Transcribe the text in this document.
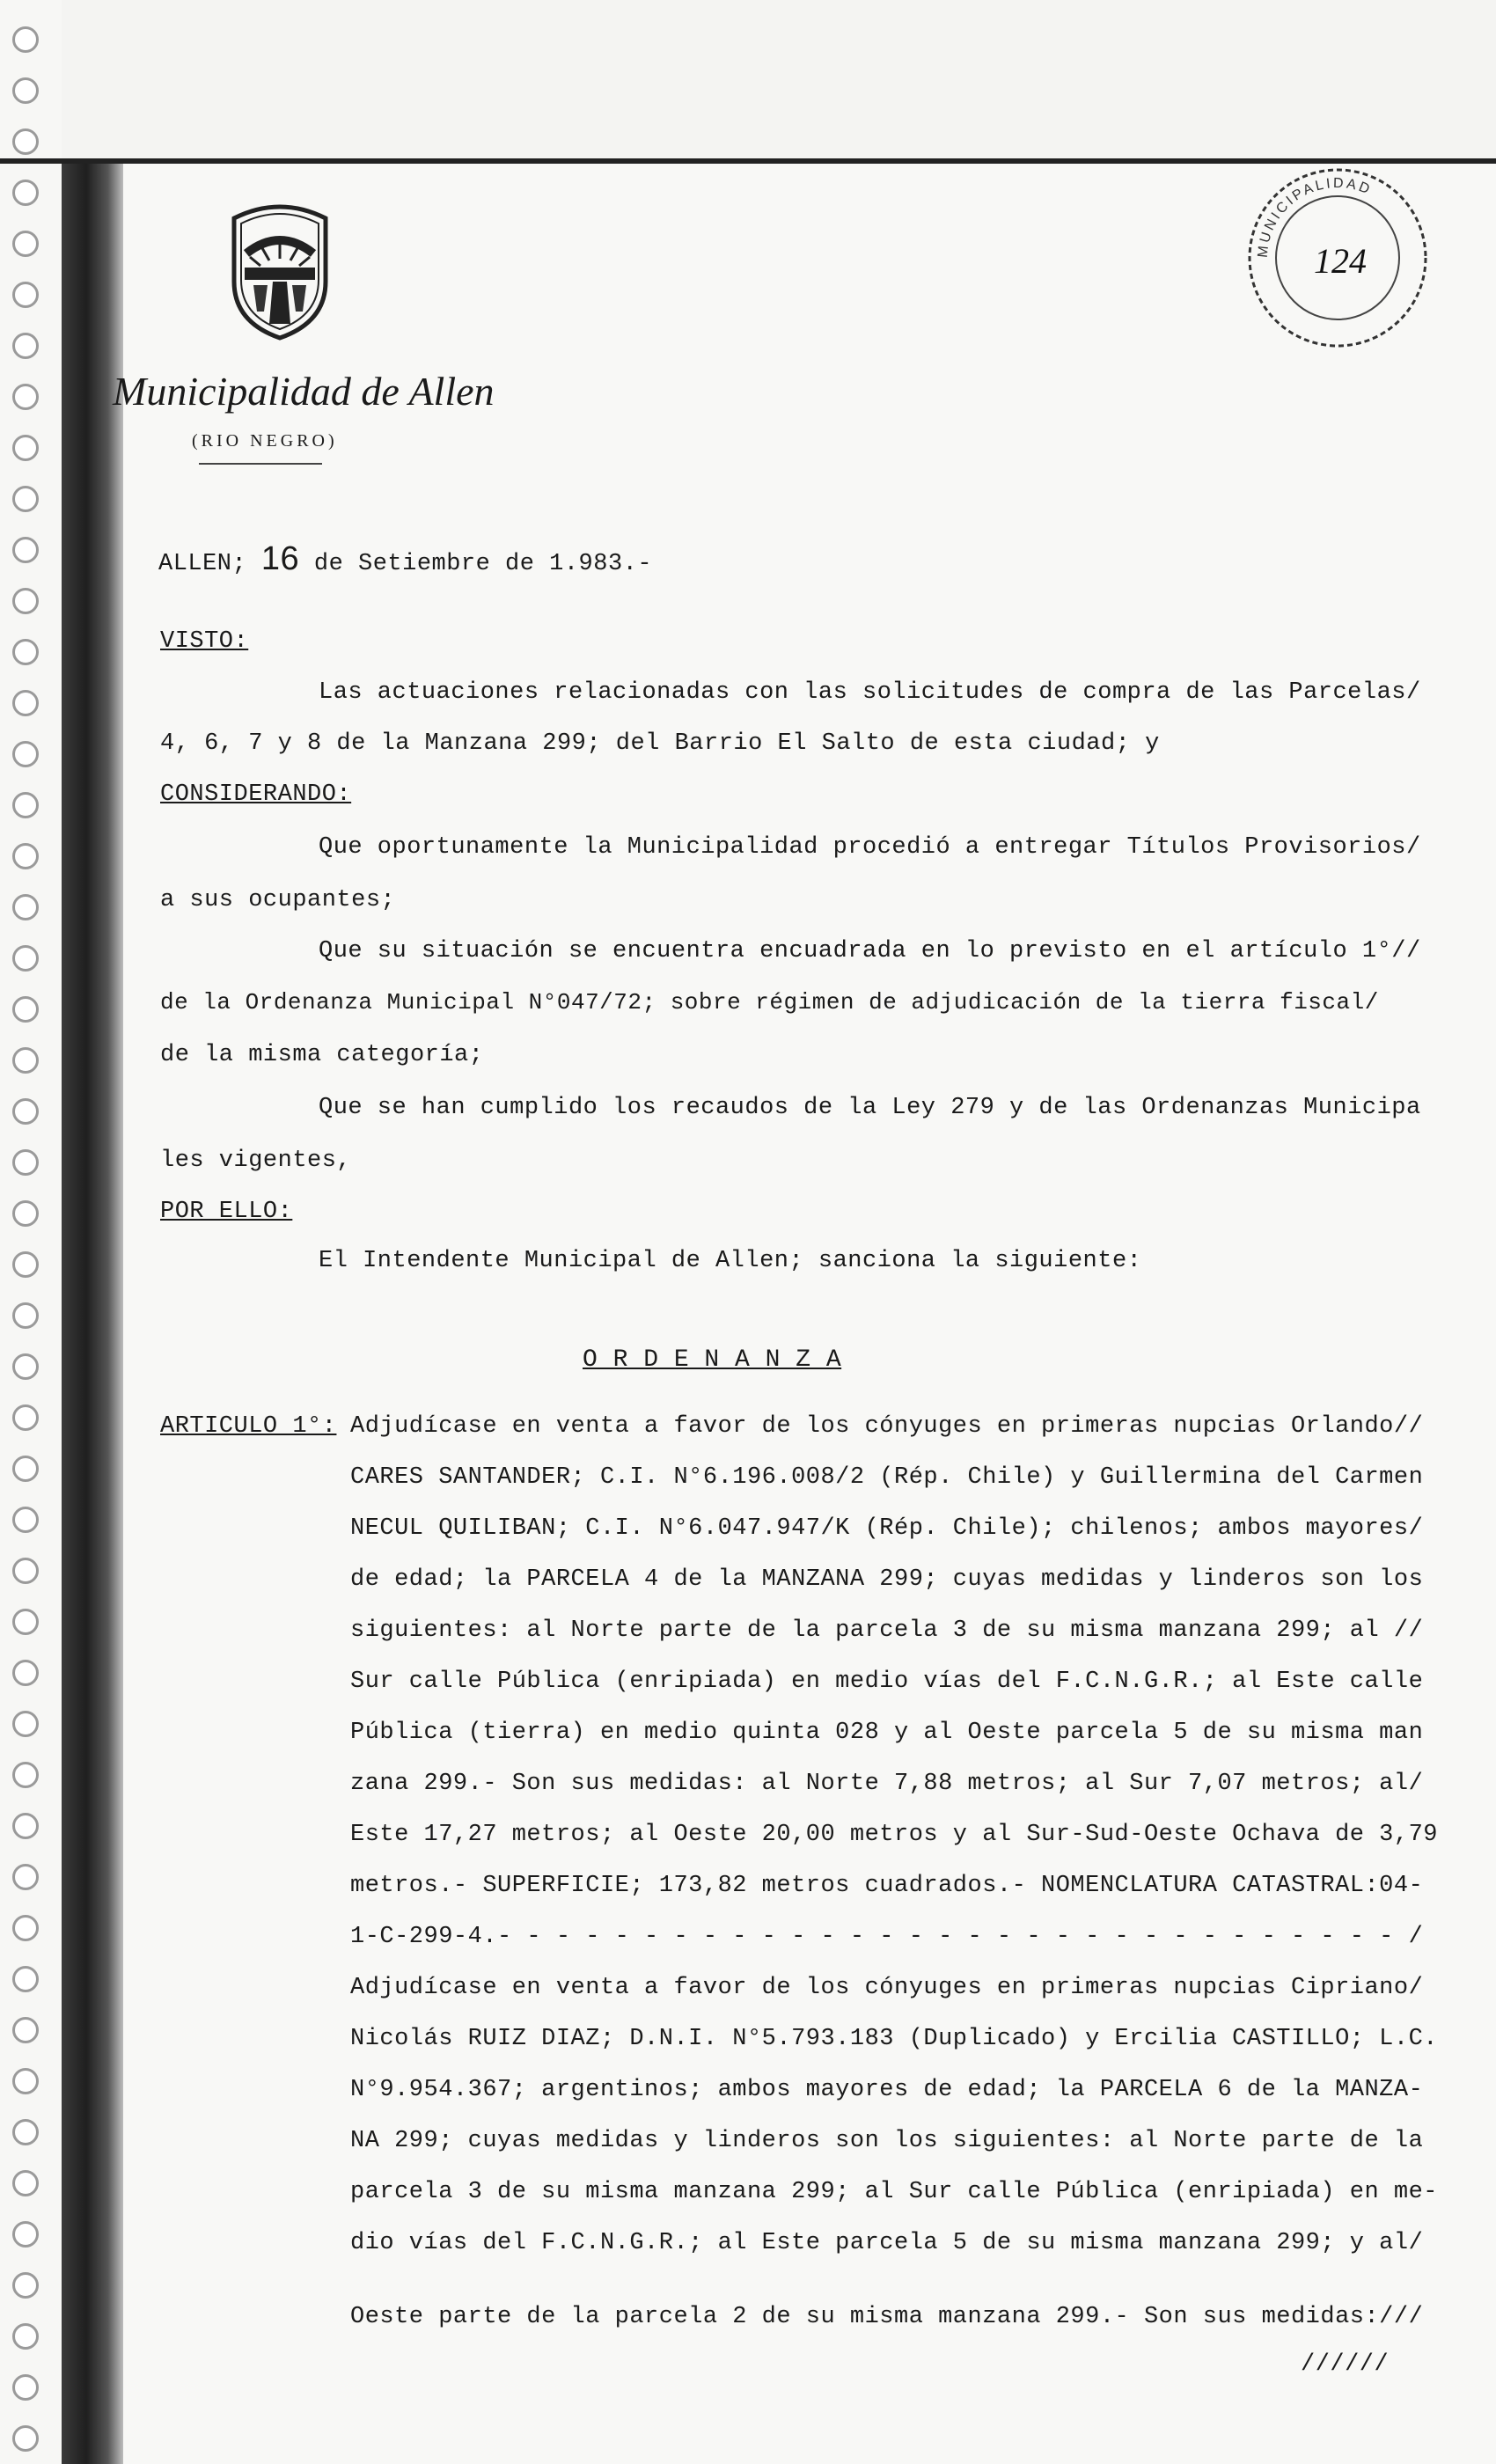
Municipalidad de Allen
(RIO NEGRO)
MUNICIPALIDAD
124
ALLEN; 16 de Setiembre de 1.983.-
VISTO:
Las actuaciones relacionadas con las solicitudes de compra de las Parcelas/
4, 6, 7 y 8 de la Manzana 299; del Barrio El Salto de esta ciudad; y
CONSIDERANDO:
Que oportunamente la Municipalidad procedió a entregar Títulos Provisorios/
a sus ocupantes;
Que su situación se encuentra encuadrada en lo previsto en el artículo 1°//
de la Ordenanza Municipal N°047/72; sobre régimen de adjudicación de la tierra fiscal/
de la misma categoría;
Que se han cumplido los recaudos de la Ley 279 y de las Ordenanzas Municipa
les vigentes,
POR ELLO:
El Intendente Municipal de Allen; sanciona la siguiente:
O R D E N A N Z A
ARTICULO 1°: Adjudícase en venta a favor de los cónyuges en primeras nupcias Orlando//
CARES SANTANDER; C.I. N°6.196.008/2 (Rép. Chile) y Guillermina del Carmen
NECUL QUILIBAN; C.I. N°6.047.947/K (Rép. Chile); chilenos; ambos mayores/
de edad; la PARCELA 4 de la MANZANA 299; cuyas medidas y linderos son los
siguientes: al Norte parte de la parcela 3 de su misma manzana 299; al //
Sur calle Pública (enripiada) en medio vías del F.C.N.G.R.; al Este calle
Pública (tierra) en medio quinta 028 y al Oeste parcela 5 de su misma man
zana 299.- Son sus medidas: al Norte 7,88 metros; al Sur 7,07 metros; al/
Este 17,27 metros; al Oeste 20,00 metros y al Sur-Sud-Oeste Ochava de 3,79
metros.- SUPERFICIE; 173,82 metros cuadrados.- NOMENCLATURA CATASTRAL:04-
1-C-299-4.- - - - - - - - - - - - - - - - - - - - - - - - - - - - - - - /
Adjudícase en venta a favor de los cónyuges en primeras nupcias Cipriano/
Nicolás RUIZ DIAZ; D.N.I. N°5.793.183 (Duplicado) y Ercilia CASTILLO; L.C.
N°9.954.367; argentinos; ambos mayores de edad; la PARCELA 6 de la MANZA-
NA 299; cuyas medidas y linderos son los siguientes: al Norte parte de la
parcela 3 de su misma manzana 299; al Sur calle Pública (enripiada) en me-
dio vías del F.C.N.G.R.; al Este parcela 5 de su misma manzana 299; y al/
Oeste parte de la parcela 2 de su misma manzana 299.- Son sus medidas:///
//////
